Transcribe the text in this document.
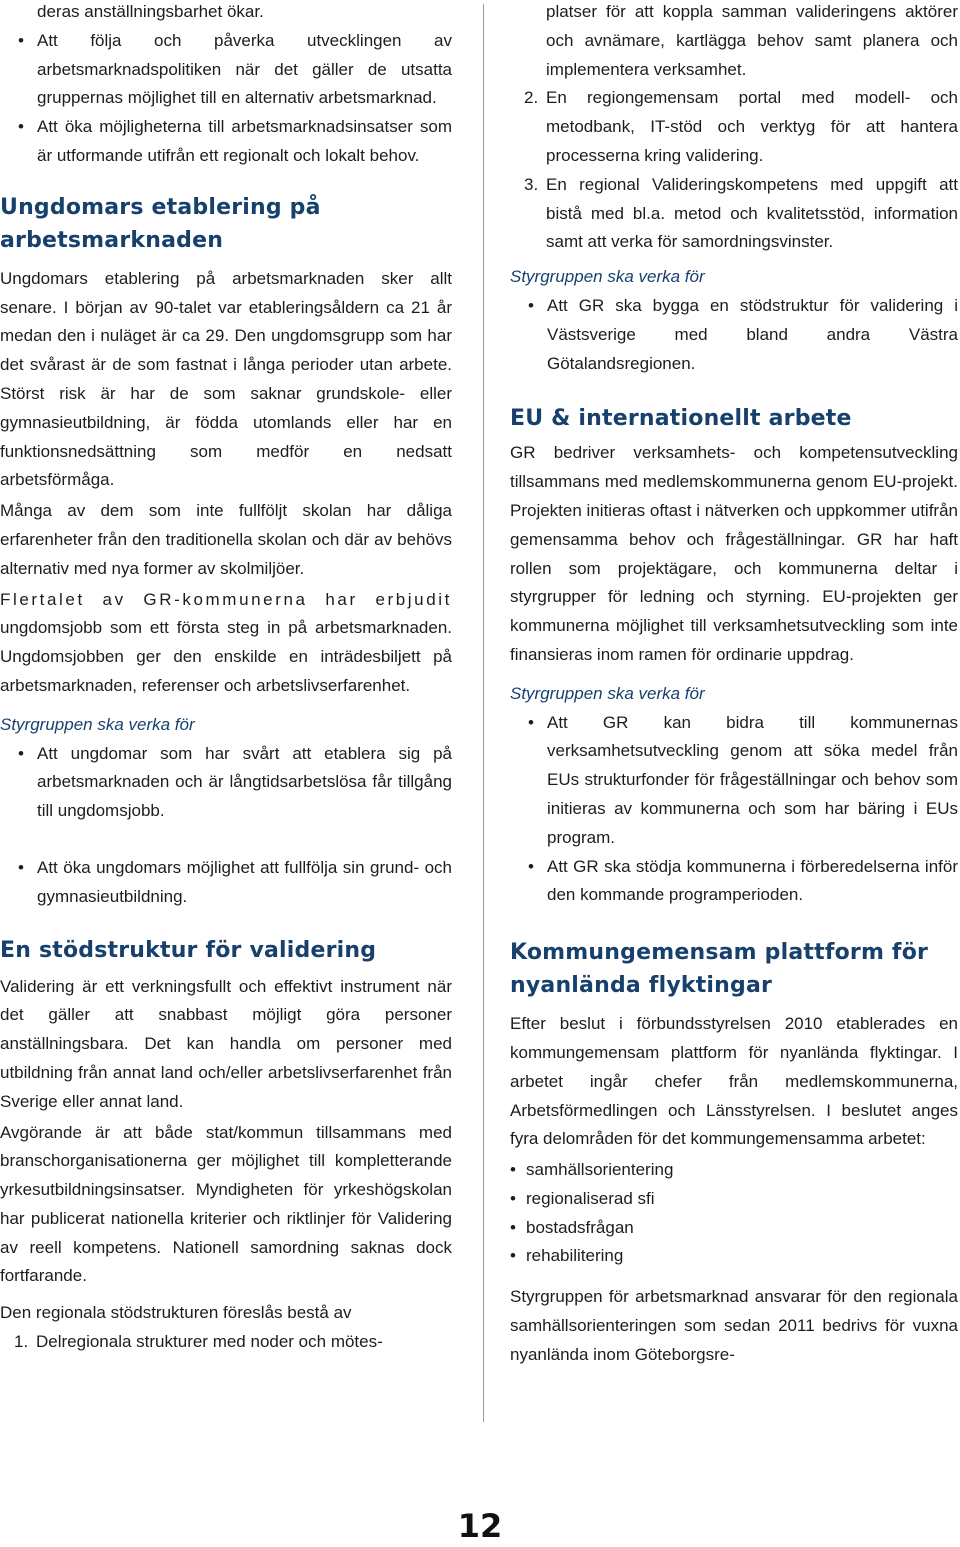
deras anställningsbarhet ökar.

• Att följa och påverka utvecklingen av arbetsmarknadspolitiken när det gäller de utsatta gruppernas möjlighet till en alternativ arbetsmarknad.
• Att öka möjligheterna till arbetsmarknadsinsatser som är utformande utifrån ett regionalt och lokalt behov.
Ungdomars etablering på arbetsmarknaden

Ungdomars etablering på arbetsmarknaden sker allt senare. I början av 90-talet var etableringsåldern ca 21 år medan den i nuläget är ca 29. Den ungdomsgrupp som har det svårast är de som fastnat i långa perioder utan arbete. Störst risk är har de som saknar grundskole- eller gymnasieutbildning, är födda utomlands eller har en funktionsnedsättning som medför en nedsatt arbetsförmåga.

Många av dem som inte fullföljt skolan har dåliga erfarenheter från den traditionella skolan och där av behövs alternativ med nya former av skolmiljöer.

Flertalet av GR-kommunerna har erbjudit ungdomsjobb som ett första steg in på arbetsmarknaden. Ungdomsjobben ger den enskilde en inträdesbiljett på arbetsmarknaden, referenser och arbetslivserfarenhet.

Styrgruppen ska verka för
• Att ungdomar som har svårt att etablera sig på arbetsmarknaden och är långtidsarbetslösa får tillgång till ungdomsjobb.
• Att öka ungdomars möjlighet att fullfölja sin grund- och gymnasieutbildning.
En stödstruktur för validering

Validering är ett verkningsfullt och effektivt instrument när det gäller att snabbast möjligt göra personer anställningsbara. Det kan handla om personer med utbildning från annat land och/eller arbetslivserfarenhet från Sverige eller annat land.

Avgörande är att både stat/kommun tillsammans med branschorganisationerna ger möjlighet till kompletterande yrkesutbildningsinsatser. Myndigheten för yrkeshögskolan har publicerat nationella kriterier och riktlinjer för Validering av reell kompetens. Nationell samordning saknas dock fortfarande.

Den regionala stödstrukturen föreslås bestå av

1. Delregionala strukturer med noder och mötes-

platser för att koppla samman valideringens aktörer och avnämare, kartlägga behov samt planera och implementera verksamhet.

2. En regiongemensam portal med modell- och metodbank, IT-stöd och verktyg för att hantera processerna kring validering.
3. En regional Valideringskompetens med uppgift att bistå med bl.a. metod och kvalitetsstöd, information samt att verka för samordningsvinster.
Styrgruppen ska verka för
• Att GR ska bygga en stödstruktur för validering i Västsverige med bland andra Västra Götalandsregionen.
EU & internationellt arbete

GR bedriver verksamhets- och kompetensutveckling tillsammans med medlemskommunerna genom EU-projekt. Projekten initieras oftast i nätverken och uppkommer utifrån gemensamma behov och frågeställningar. GR har haft rollen som projektägare, och kommunerna deltar i styrgrupper för ledning och styrning. EU-projekten ger kommunerna möjlighet till verksamhetsutveckling som inte finansieras inom ramen för ordinarie uppdrag.

Styrgruppen ska verka för
• Att GR kan bidra till kommunernas verksamhetsutveckling genom att söka medel från EUs strukturfonder för frågeställningar och behov som initieras av kommunerna och som har bäring i EUs program.
• Att GR ska stödja kommunerna i förberedelserna inför den kommande programperioden.
Kommungemensam plattform för nyanlända flyktingar

Efter beslut i förbundsstyrelsen 2010 etablerades en kommungemensam plattform för nyanlända flyktingar. I arbetet ingår chefer från medlemskommunerna, Arbetsförmedlingen och Länsstyrelsen. I beslutet anges fyra delområden för det kommungemensamma arbetet:

• samhällsorientering
• regionaliserad sfi
• bostadsfrågan
• rehabilitering

Styrgruppen för arbetsmarknad ansvarar för den regionala samhällsorienteringen som sedan 2011 bedrivs för vuxna nyanlända inom Göteborgsre-

12
